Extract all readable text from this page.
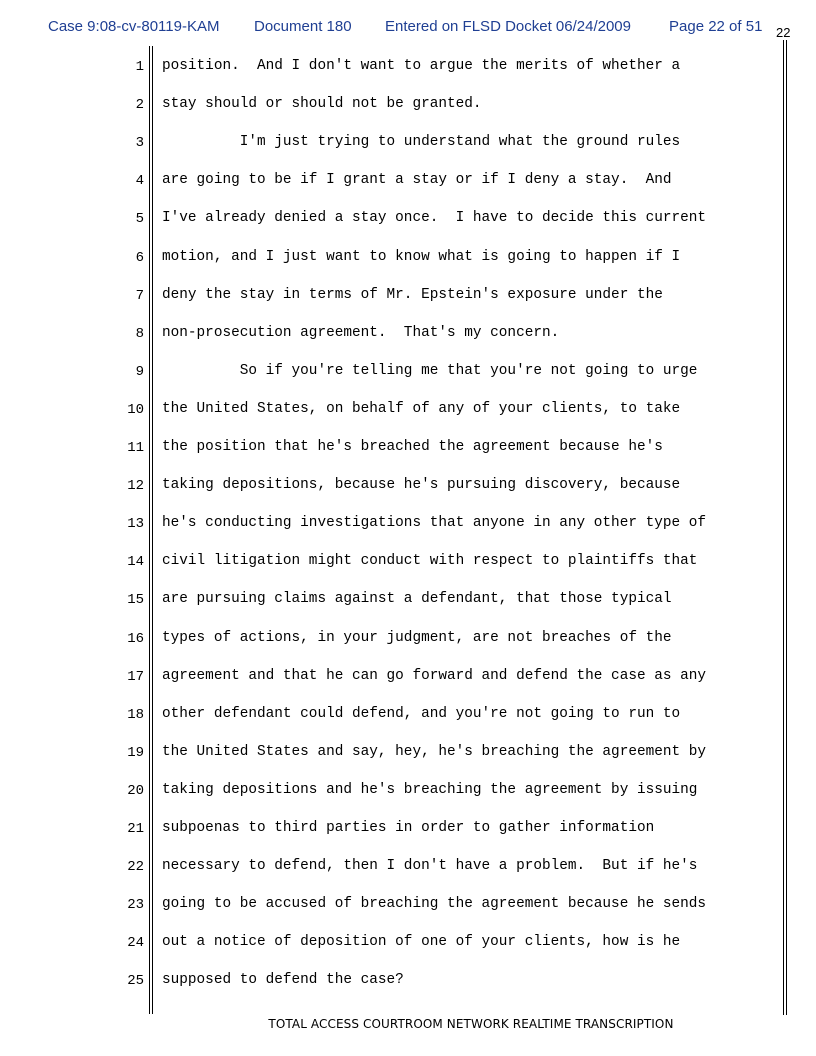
Case 9:08-cv-80119-KAM Document 180 Entered on FLSD Docket 06/24/2009	Page 22 of 51 22
1 position.  And I don't want to argue the merits of whether a
2 stay should or should not be granted.
3 I'm just trying to understand what the ground rules
4 are going to be if I grant a stay or if I deny a stay.  And
5 I've already denied a stay once.  I have to decide this current
6 motion, and I just want to know what is going to happen if I
7 deny the stay in terms of Mr. Epstein's exposure under the
8 non-prosecution agreement.  That's my concern.
9 So if you're telling me that you're not going to urge
10 the United States, on behalf of any of your clients, to take
11 the position that he's breached the agreement because he's
12 taking depositions, because he's pursuing discovery, because
13 he's conducting investigations that anyone in any other type of
14 civil litigation might conduct with respect to plaintiffs that
15 are pursuing claims against a defendant, that those typical
16 types of actions, in your judgment, are not breaches of the
17 agreement and that he can go forward and defend the case as any
18 other defendant could defend, and you're not going to run to
19 the United States and say, hey, he's breaching the agreement by
20 taking depositions and he's breaching the agreement by issuing
21 subpoenas to third parties in order to gather information
22 necessary to defend, then I don't have a problem.  But if he's
23 going to be accused of breaching the agreement because he sends
24 out a notice of deposition of one of your clients, how is he
25 supposed to defend the case?
TOTAL ACCESS COURTROOM NETWORK REALTIME TRANSCRIPTION
